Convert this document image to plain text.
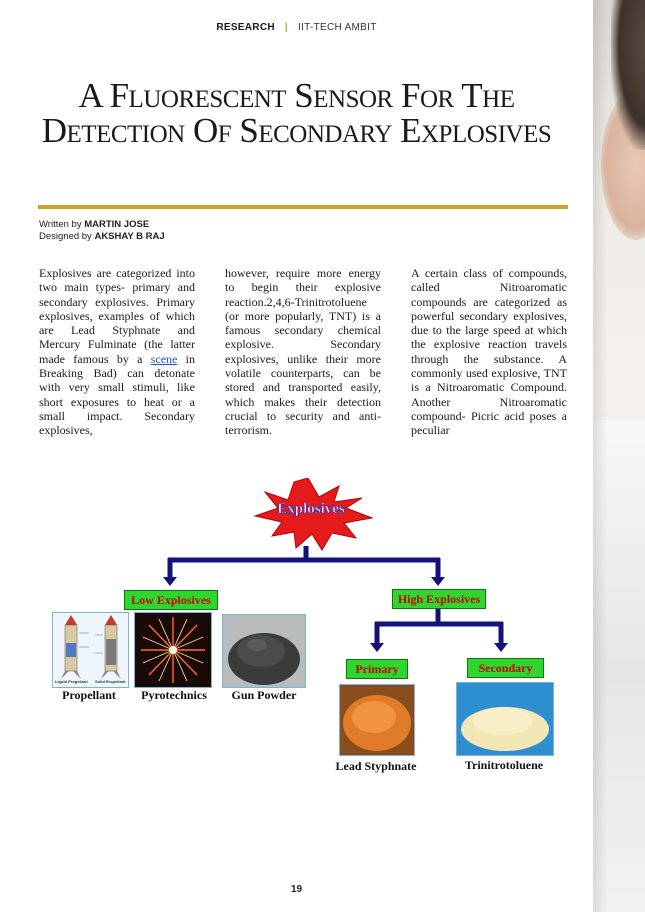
RESEARCH | IIT-TECH AMBIT
A Fluorescent Sensor For The Detection Of Secondary Explosives
Written by MARTIN JOSE
Designed by AKSHAY B RAJ
Explosives are categorized into two main types- primary and secondary explosives. Primary explosives, examples of which are Lead Styphnate and Mercury Fulminate (the latter made famous by a scene in Breaking Bad) can detonate with very small stimuli, like short exposures to heat or a small impact. Secondary explosives,
however, require more energy to begin their explosive reaction.2,4,6-Trinitrotoluene (or more popularly, TNT) is a famous secondary chemical explosive. Secondary explosives, unlike their more volatile counterparts, can be stored and transported easily, which makes their detection crucial to security and anti-terrorism.
A certain class of compounds, called Nitroaromatic compounds are categorized as powerful secondary explosives, due to the large speed at which the explosive reaction travels through the substance. A commonly used explosive, TNT is a Nitroaromatic Compound. Another Nitroaromatic compound- Picric acid poses a peculiar
Explosives
Low Explosives	High Explosives
Primary	Secondary
Liquid Propellant Solid Propellant
Propellant	Pyrotechnics	Gun Powder
Lead Styphnate	Trinitrotoluene
19
